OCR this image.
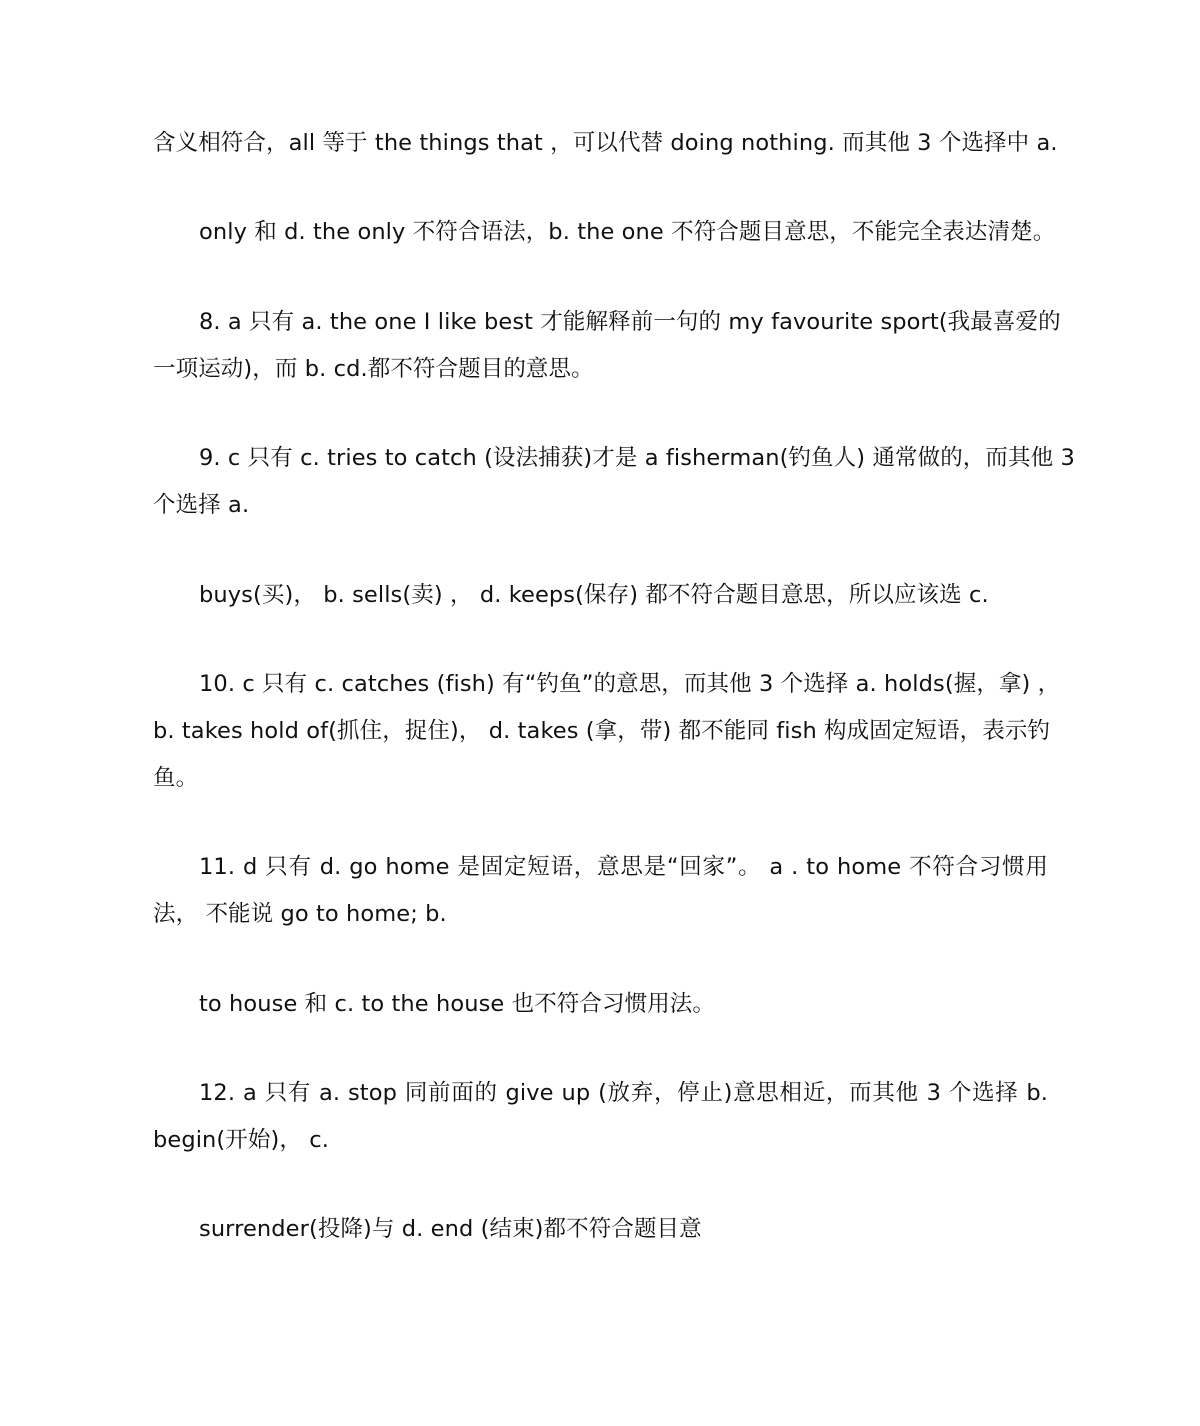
含义相符合，all 等于 the things that ，可以代替 doing nothing. 而其他 3 个选择中 a.
only 和 d. the only 不符合语法，b. the one 不符合题目意思，不能完全表达清楚。
8. a 只有 a. the one I like best 才能解释前一句的 my favourite sport(我最喜爱的
一项运动)，而 b. cd.都不符合题目的意思。
9. c 只有 c. tries to catch (设法捕获)才是 a fisherman(钓鱼人) 通常做的，而其他 3
个选择 a.
buys(买)， b. sells(卖) ， d. keeps(保存) 都不符合题目意思，所以应该选 c.
10. c 只有 c. catches (fish) 有“钓鱼”的意思，而其他 3 个选择 a. holds(握，拿) ，
b. takes hold of(抓住，捉住)， d. takes (拿，带) 都不能同 fish 构成固定短语，表示钓
鱼。
11. d 只有 d. go home 是固定短语，意思是“回家”。 a . to home 不符合习惯用
法， 不能说 go to home; b.
to house 和 c. to the house 也不符合习惯用法。
12. a 只有 a. stop 同前面的 give up (放弃，停止)意思相近，而其他 3 个选择 b.
begin(开始)， c.
surrender(投降)与 d. end (结束)都不符合题目意
